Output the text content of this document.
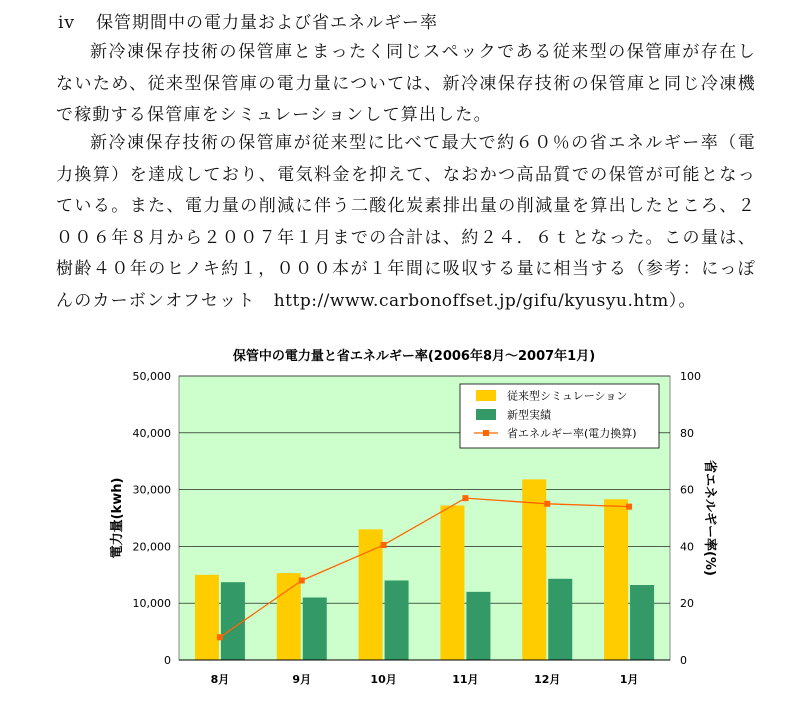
iv 保管期間中の電力量および省エネルギー率

新冷凍保存技術の保管庫とまったく同じスペックである従来型の保管庫が存在しないため、従来型保管庫の電力量については、新冷凍保存技術の保管庫と同じ冷凍機で稼動する保管庫をシミュレーションして算出した。

新冷凍保存技術の保管庫が従来型に比べて最大で約６０％の省エネルギー率（電力換算）を達成しており、電気料金を抑えて、なおかつ高品質での保管が可能となっている。また、電力量の削減に伴う二酸化炭素排出量の削減量を算出したところ、２００６年８月から２００７年１月までの合計は、約２４．６ｔとなった。この量は、樹齢４０年のヒノキ約１，０００本が１年間に吸収する量に相当する（参考：にっぽんのカーボンオフセット　http://www.carbonoffset.jp/gifu/kyusyu.htm）。

保管中の電力量と省エネルギー率(2006年8月～2007年1月)
0
10,000
20,000
30,000
40,000
50,000
0
20
40
60
80
100
8月	9月	10月	11月	12月	1月
電力量(kwh)	省エネルギー率(%)
従来型シミュレーション
新型実績
省エネルギー率(電力換算)
